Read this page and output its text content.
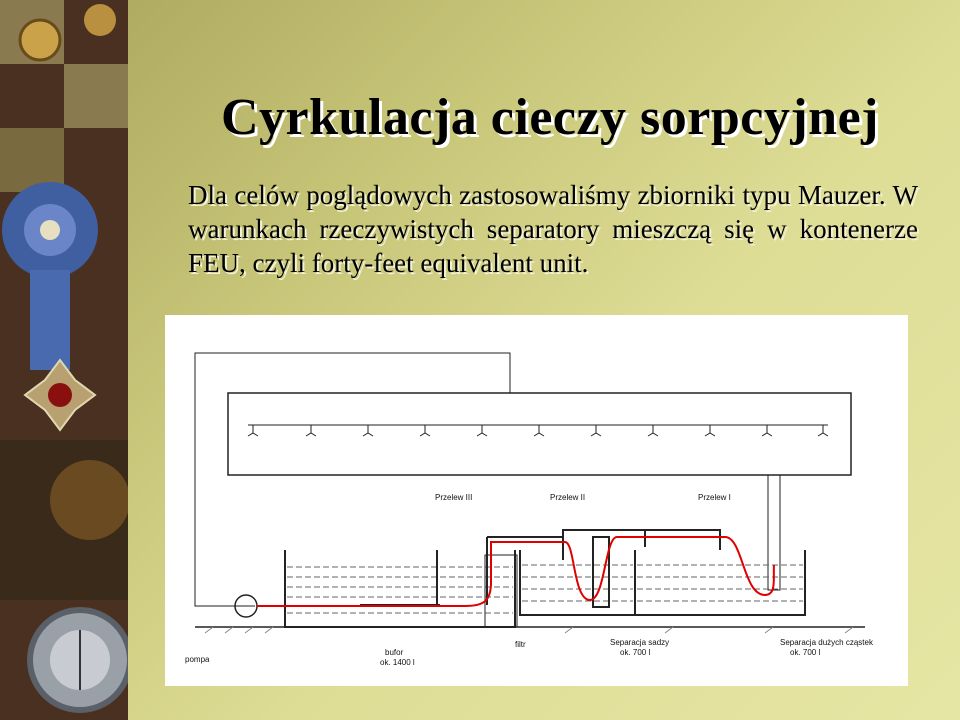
Cyrkulacja cieczy sorpcyjnej
Dla celów poglądowych zastosowaliśmy zbiorniki typu Mauzer. W warunkach rzeczywistych separatory mieszczą się w kontenerze FEU, czyli forty-feet equivalent unit.
Przelew III	Przelew II	Przelew I
pompa
bufor
ok. 1400 l
filtr	Separacja sadzy
ok. 700 l
Separacja dużych cząstek
ok. 700 l
